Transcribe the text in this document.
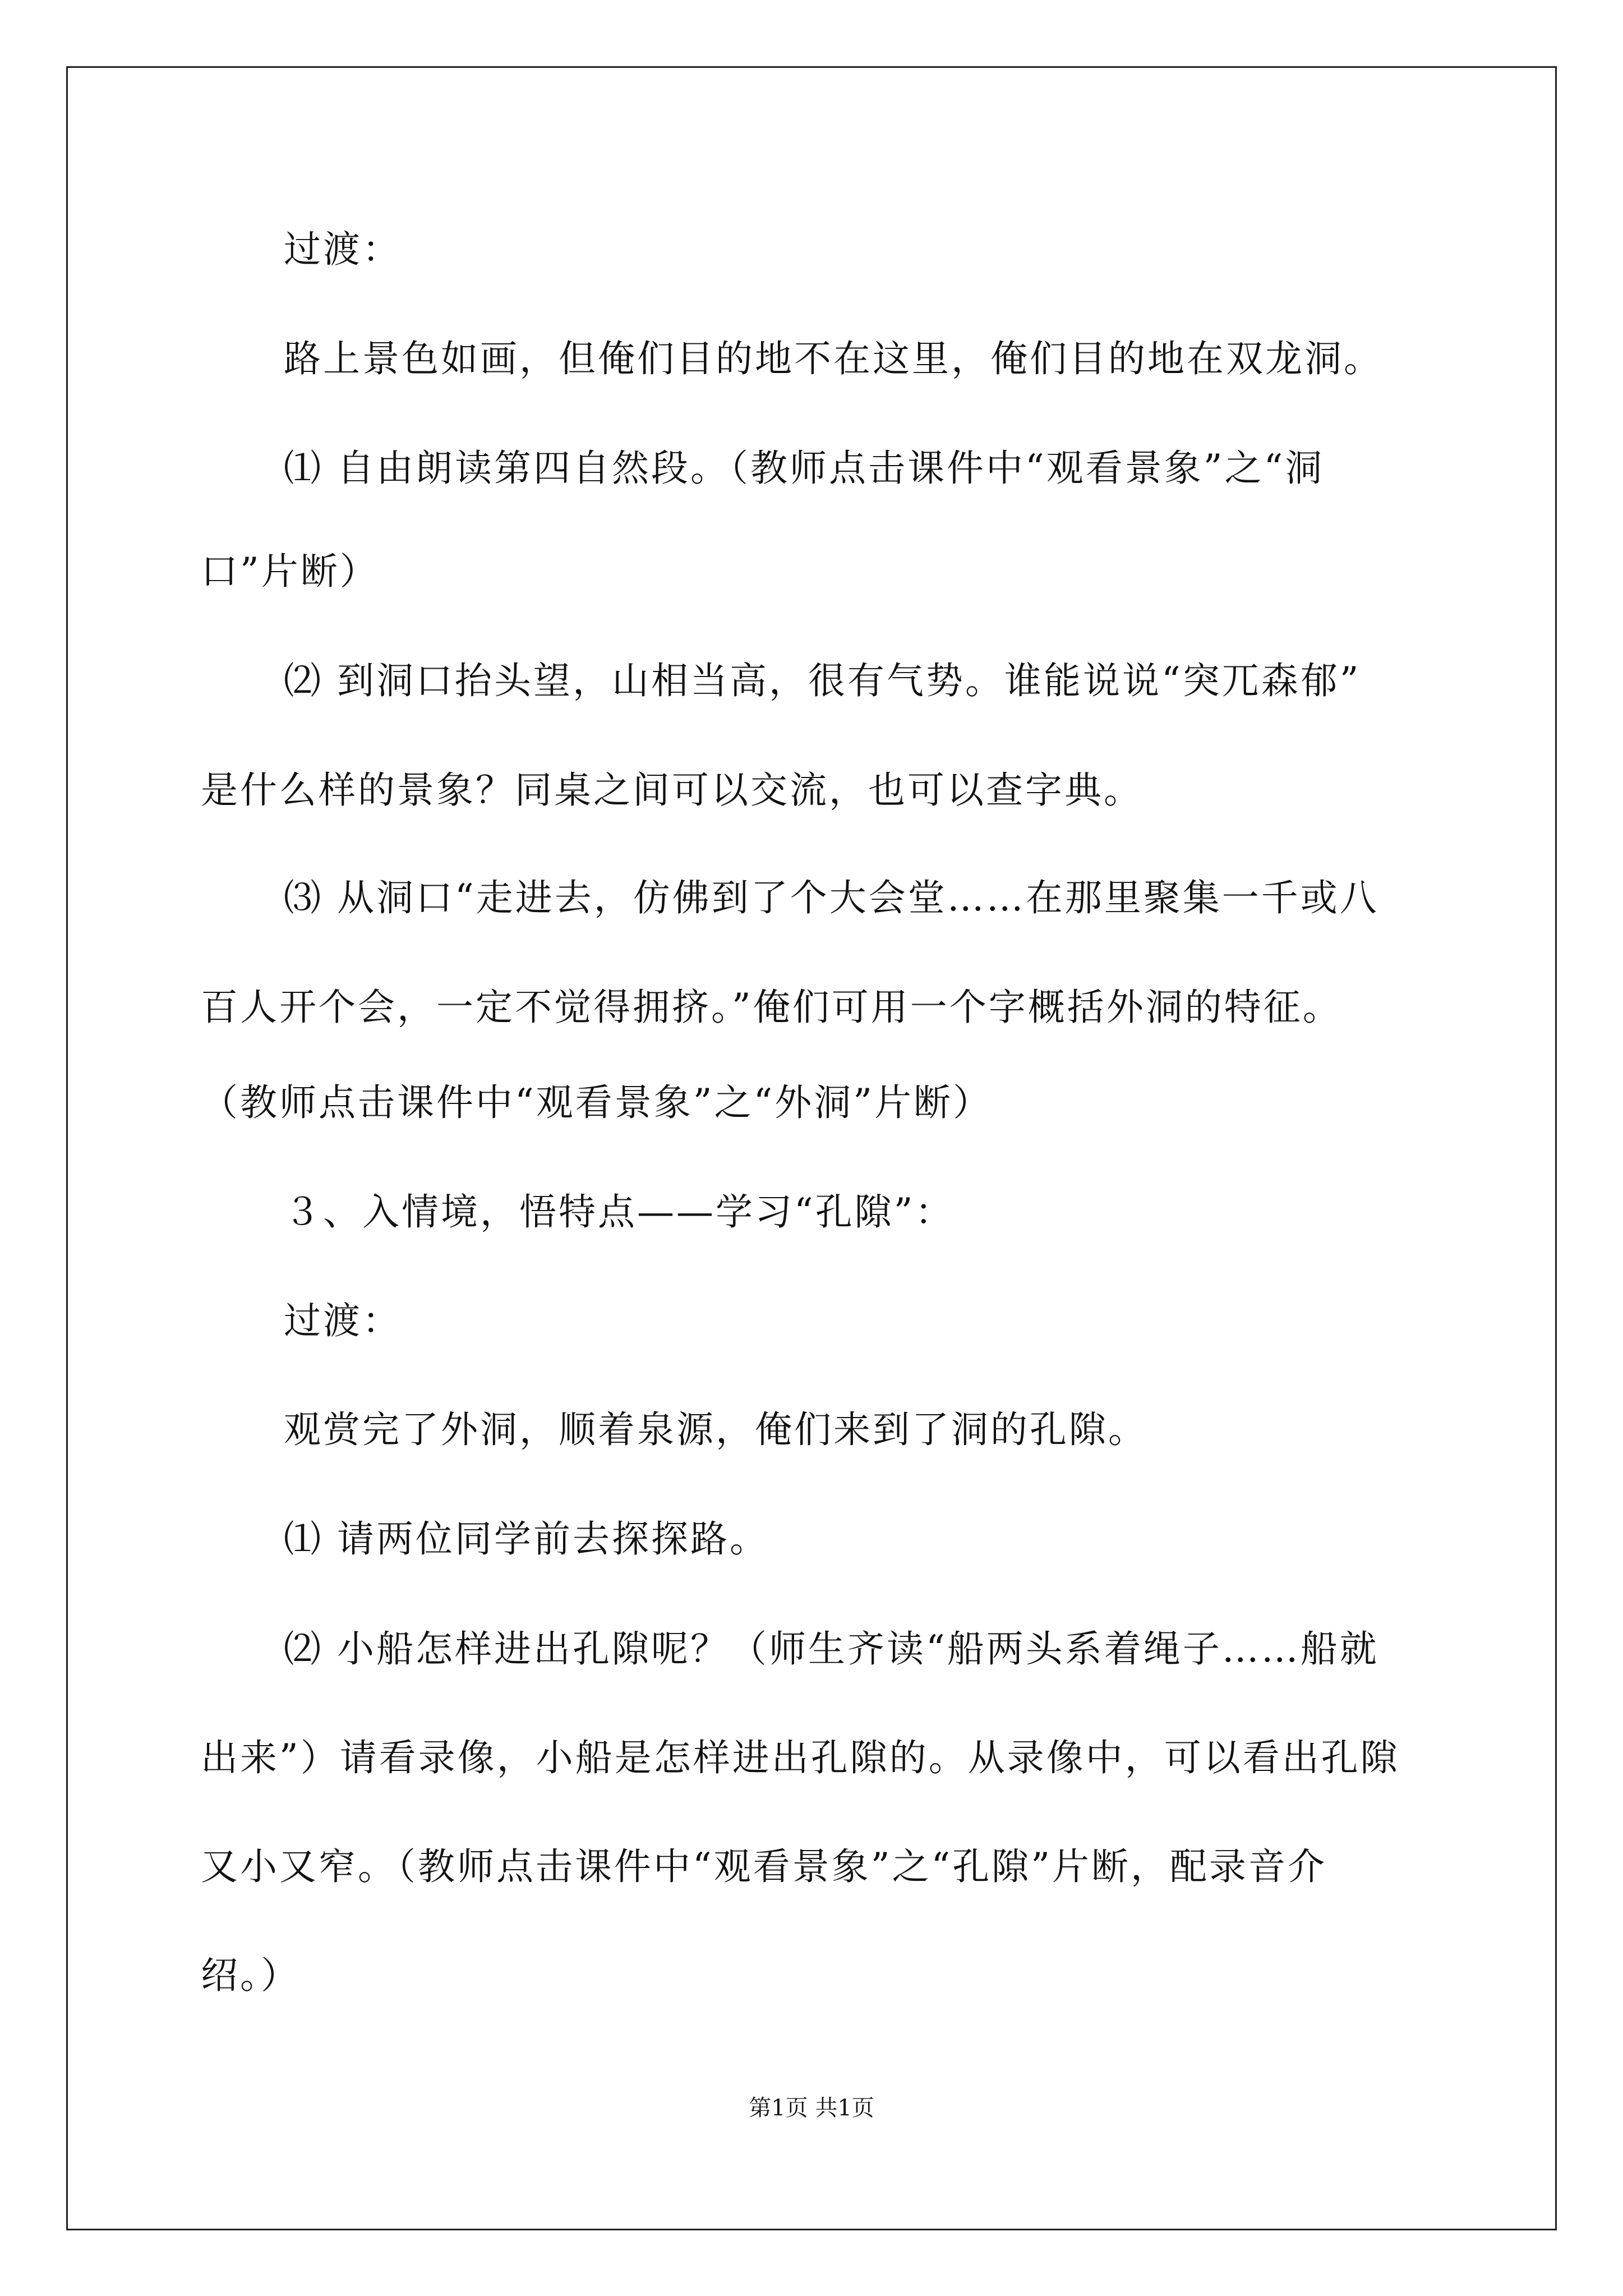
过渡：
路上景色如画，但俺们目的地不在这里，俺们目的地在双龙洞。
⑴ 自由朗读第四自然段。（教师点击课件中“观看景象”之“洞
口”片断）
⑵ 到洞口抬头望，山相当高，很有气势。谁能说说“突兀森郁”
是什么样的景象？同桌之间可以交流，也可以查字典。
⑶ 从洞口“走进去，仿佛到了个大会堂……在那里聚集一千或八
百人开个会，一定不觉得拥挤。”俺们可用一个字概括外洞的特征。
（教师点击课件中“观看景象”之“外洞”片断）
３、入情境，悟特点——学习“孔隙”：
过渡：
观赏完了外洞，顺着泉源，俺们来到了洞的孔隙。
⑴ 请两位同学前去探探路。
⑵ 小船怎样进出孔隙呢？（师生齐读“船两头系着绳子……船就
出来”）请看录像，小船是怎样进出孔隙的。从录像中，可以看出孔隙
又小又窄。（教师点击课件中“观看景象”之“孔隙”片断，配录音介
绍。）
第1页 共1页
